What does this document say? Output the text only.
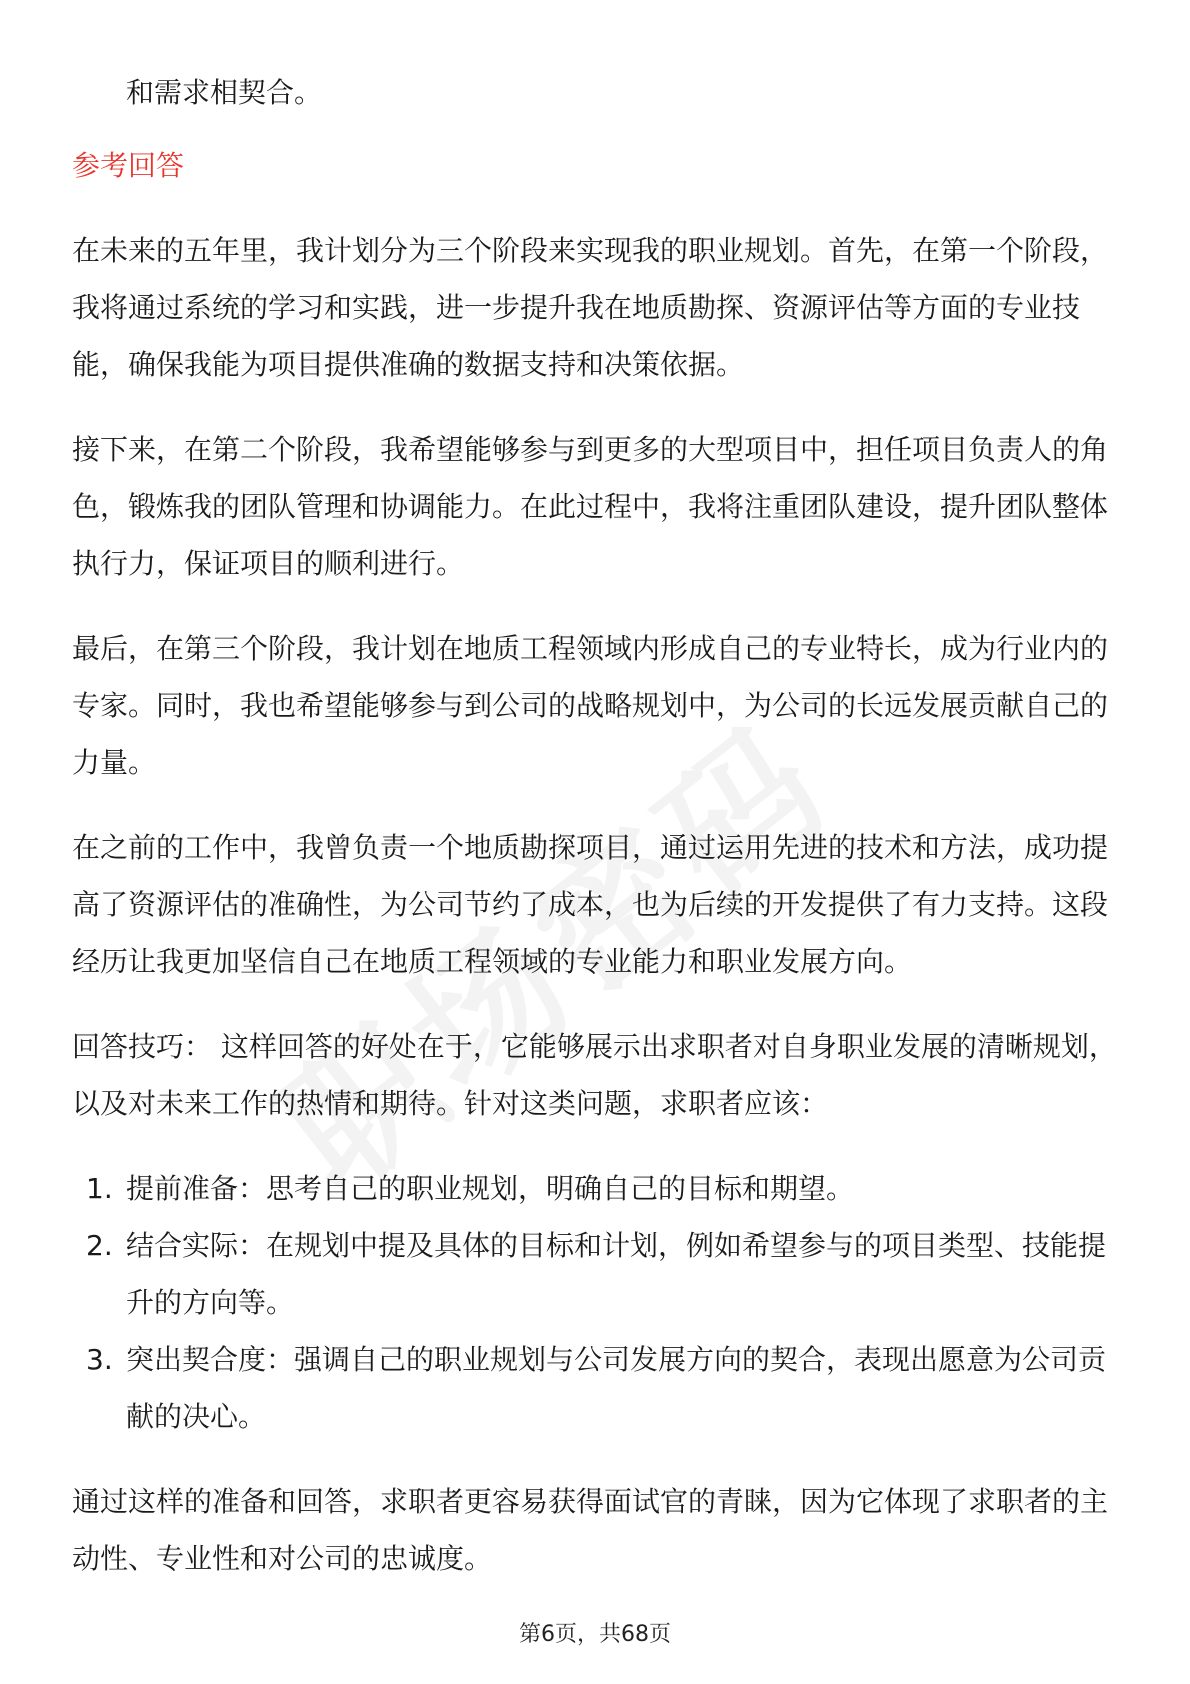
和需求相契合。

参考回答

在未来的五年里，我计划分为三个阶段来实现我的职业规划。首先，在第一个阶段，我将通过系统的学习和实践，进一步提升我在地质勘探、资源评估等方面的专业技能，确保我能为项目提供准确的数据支持和决策依据。

接下来，在第二个阶段，我希望能够参与到更多的大型项目中，担任项目负责人的角色，锻炼我的团队管理和协调能力。在此过程中，我将注重团队建设，提升团队整体执行力，保证项目的顺利进行。

最后，在第三个阶段，我计划在地质工程领域内形成自己的专业特长，成为行业内的专家。同时，我也希望能够参与到公司的战略规划中，为公司的长远发展贡献自己的力量。

在之前的工作中，我曾负责一个地质勘探项目，通过运用先进的技术和方法，成功提高了资源评估的准确性，为公司节约了成本，也为后续的开发提供了有力支持。这段经历让我更加坚信自己在地质工程领域的专业能力和职业发展方向。

回答技巧： 这样回答的好处在于，它能够展示出求职者对自身职业发展的清晰规划，以及对未来工作的热情和期待。针对这类问题，求职者应该：

1. 提前准备：思考自己的职业规划，明确自己的目标和期望。
2. 结合实际：在规划中提及具体的目标和计划，例如希望参与的项目类型、技能提升的方向等。
3. 突出契合度：强调自己的职业规划与公司发展方向的契合，表现出愿意为公司贡献的决心。

通过这样的准备和回答，求职者更容易获得面试官的青睐，因为它体现了求职者的主动性、专业性和对公司的忠诚度。

第6页，共68页
